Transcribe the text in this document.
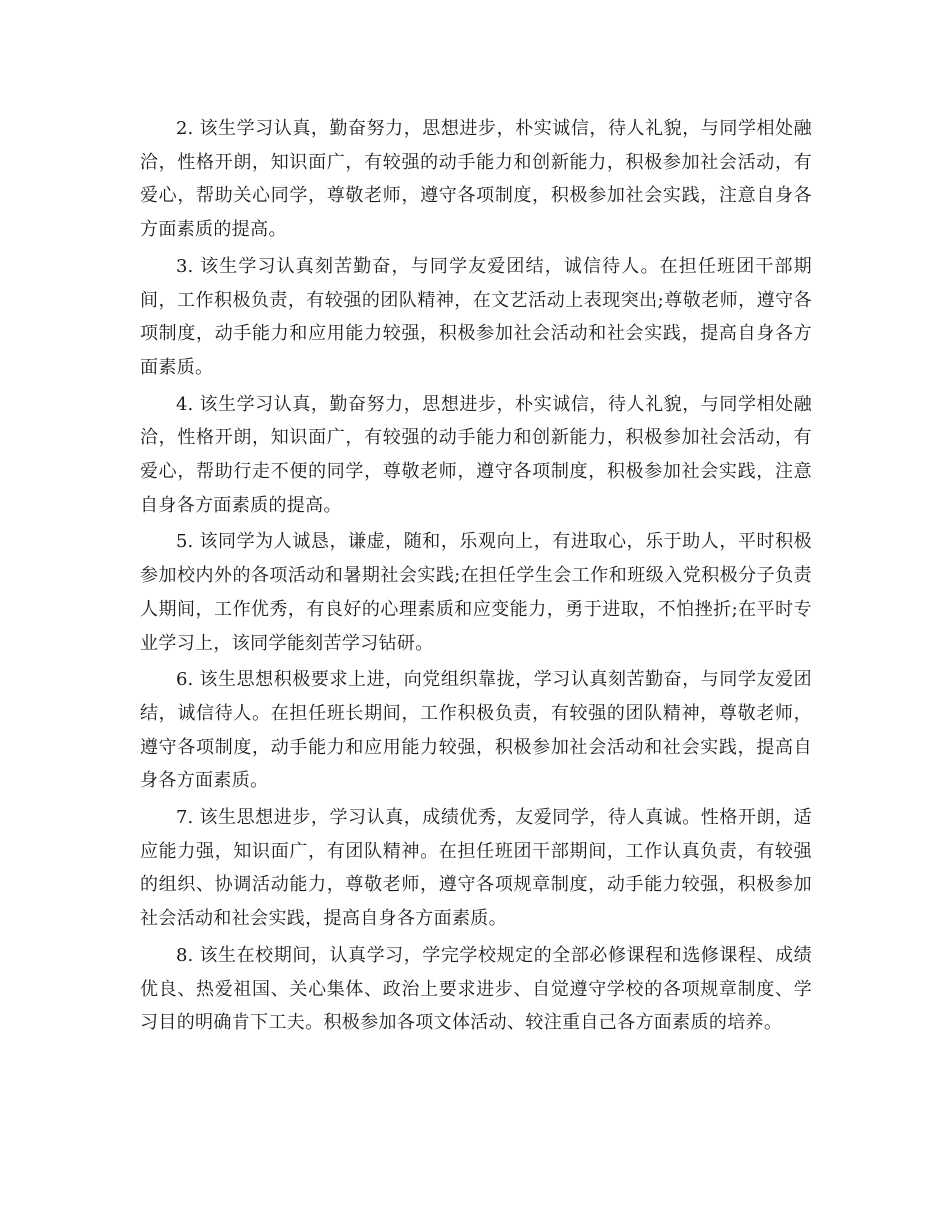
2. 该生学习认真，勤奋努力，思想进步，朴实诚信，待人礼貌，与同学相处融洽，性格开朗，知识面广，有较强的动手能力和创新能力，积极参加社会活动，有爱心，帮助关心同学，尊敬老师，遵守各项制度，积极参加社会实践，注意自身各方面素质的提高。

3. 该生学习认真刻苦勤奋，与同学友爱团结，诚信待人。在担任班团干部期间，工作积极负责，有较强的团队精神，在文艺活动上表现突出;尊敬老师，遵守各项制度，动手能力和应用能力较强，积极参加社会活动和社会实践，提高自身各方面素质。

4. 该生学习认真，勤奋努力，思想进步，朴实诚信，待人礼貌，与同学相处融洽，性格开朗，知识面广，有较强的动手能力和创新能力，积极参加社会活动，有爱心，帮助行走不便的同学，尊敬老师，遵守各项制度，积极参加社会实践，注意自身各方面素质的提高。

5. 该同学为人诚恳，谦虚，随和，乐观向上，有进取心，乐于助人，平时积极参加校内外的各项活动和暑期社会实践;在担任学生会工作和班级入党积极分子负责人期间，工作优秀，有良好的心理素质和应变能力，勇于进取，不怕挫折;在平时专业学习上，该同学能刻苦学习钻研。

6. 该生思想积极要求上进，向党组织靠拢，学习认真刻苦勤奋，与同学友爱团结，诚信待人。在担任班长期间，工作积极负责，有较强的团队精神，尊敬老师，遵守各项制度，动手能力和应用能力较强，积极参加社会活动和社会实践，提高自身各方面素质。

7. 该生思想进步，学习认真，成绩优秀，友爱同学，待人真诚。性格开朗，适应能力强，知识面广，有团队精神。在担任班团干部期间，工作认真负责，有较强的组织、协调活动能力，尊敬老师，遵守各项规章制度，动手能力较强，积极参加社会活动和社会实践，提高自身各方面素质。

8. 该生在校期间，认真学习，学完学校规定的全部必修课程和选修课程、成绩优良、热爱祖国、关心集体、政治上要求进步、自觉遵守学校的各项规章制度、学习目的明确肯下工夫。积极参加各项文体活动、较注重自己各方面素质的培养。
